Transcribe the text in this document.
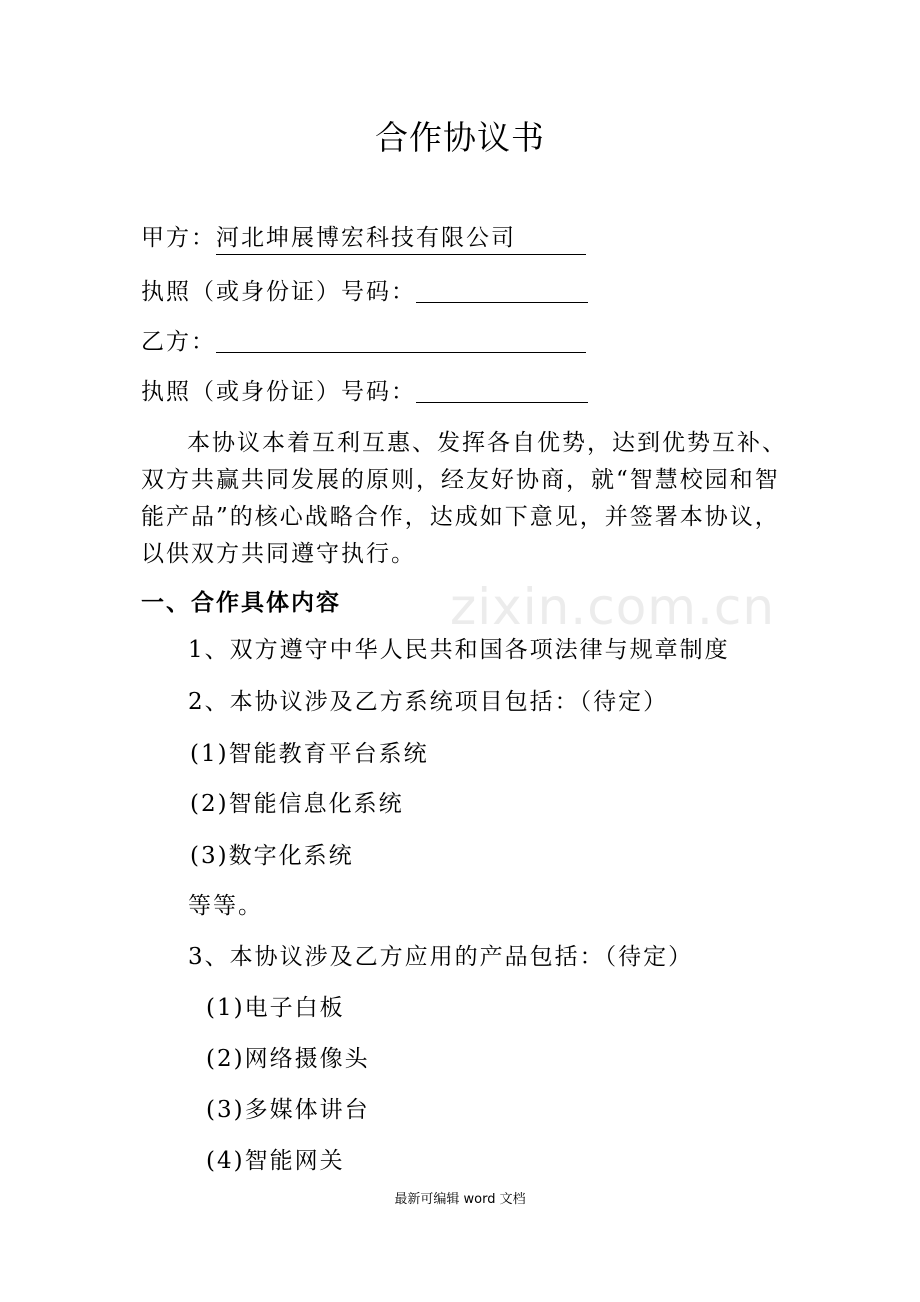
合作协议书
甲方：河北坤展博宏科技有限公司
执照（或身份证）号码：
乙方：
执照（或身份证）号码：
本协议本着互利互惠、发挥各自优势，达到优势互补、
双方共赢共同发展的原则，经友好协商，就“智慧校园和智
能产品”的核心战略合作，达成如下意见，并签署本协议，
以供双方共同遵守执行。
一、合作具体内容
1、双方遵守中华人民共和国各项法律与规章制度
2、本协议涉及乙方系统项目包括：（待定）
(1)智能教育平台系统
(2)智能信息化系统
(3)数字化系统
等等。
3、本协议涉及乙方应用的产品包括：（待定）
(1)电子白板
(2)网络摄像头
(3)多媒体讲台
(4)智能网关
zixin.com.cn
最新可编辑 word 文档
